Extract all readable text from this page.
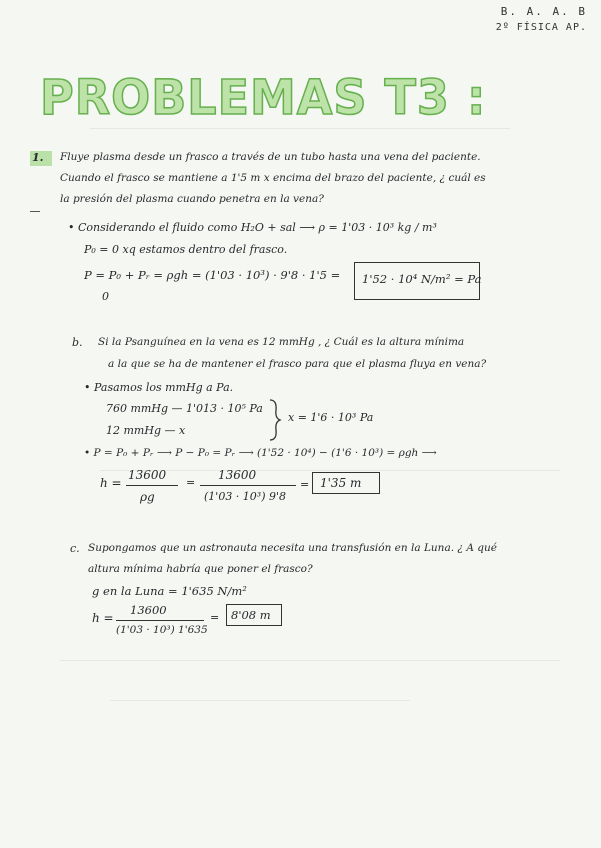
B. A. A. B
2º FÍSICA AP.
PROBLEMAS T3 :
1. Fluye plasma desde un frasco a través de un tubo hasta una vena del paciente.
Cuando el frasco se mantiene a 1'5 m x encima del brazo del paciente, ¿ cuál es
la presión del plasma cuando penetra en la vena?
• Considerando el fluido como H₂O + sal ⟶ ρ = 1'03 · 10³ kg / m³
P₀ = 0 xq estamos dentro del frasco.
P = P₀ + Pᵣ = ρgh = (1'03 · 10³) · 9'8 · 1'5 =
0
1'52 · 10⁴ N/m² = Pa
b. Si la Psanguínea en la vena es 12 mmHg , ¿ Cuál es la altura mínima
a la que se ha de mantener el frasco para que el plasma fluya en vena?
• Pasamos los mmHg a Pa.
760 mmHg — 1'013 · 10⁵ Pa
12 mmHg — x
x = 1'6 · 10³ Pa
• P = P₀ + Pᵣ ⟶ P − P₀ = Pᵣ ⟶ (1'52 · 10⁴) − (1'6 · 10³) = ρgh ⟶
h =
13600
ρg
=
13600
(1'03 · 10³) 9'8
= 1'35 m
c. Supongamos que un astronauta necesita una transfusión en la Luna. ¿ A qué
altura mínima habría que poner el frasco?
g en la Luna = 1'635 N/m²
h =
13600
(1'03 · 10³) 1'635
= 8'08 m
